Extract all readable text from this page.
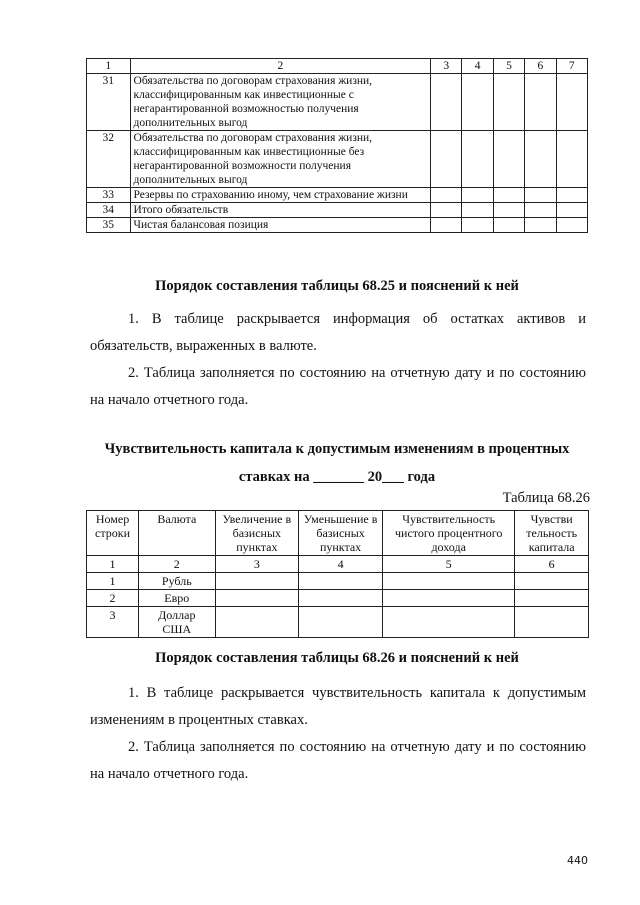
1	2	3	4	5	6	7
31	Обязательства по договорам страхования жизни, классифицированным как инвестиционные с негарантированной возможностью получения дополнительных выгод					
32	Обязательства по договорам страхования жизни, классифицированным как инвестиционные без негарантированной возможности получения дополнительных выгод					
33	Резервы по страхованию иному, чем страхование жизни					
34	Итого обязательств					
35	Чистая балансовая позиция					
Порядок составления таблицы 68.25 и пояснений к ней
1. В таблице раскрывается информация об остатках активов и обязательств, выраженных в валюте.
2. Таблица заполняется по состоянию на отчетную дату и по состоянию на начало отчетного года.
Чувствительность капитала к допустимым изменениям в процентных
ставках на _______ 20___ года
Таблица 68.26
Номер строки	Валюта	Увеличение в базисных пунктах	Уменьшение в базисных пунктах	Чувствительность чистого процентного дохода	Чувстви тельность капитала
1	2	3	4	5	6
1	Рубль				
2	Евро				
3	Доллар США				
Порядок составления таблицы 68.26 и пояснений к ней
1. В таблице раскрывается чувствительность капитала к допустимым изменениям в процентных ставках.
2. Таблица заполняется по состоянию на отчетную дату и по состоянию на начало отчетного года.
440
